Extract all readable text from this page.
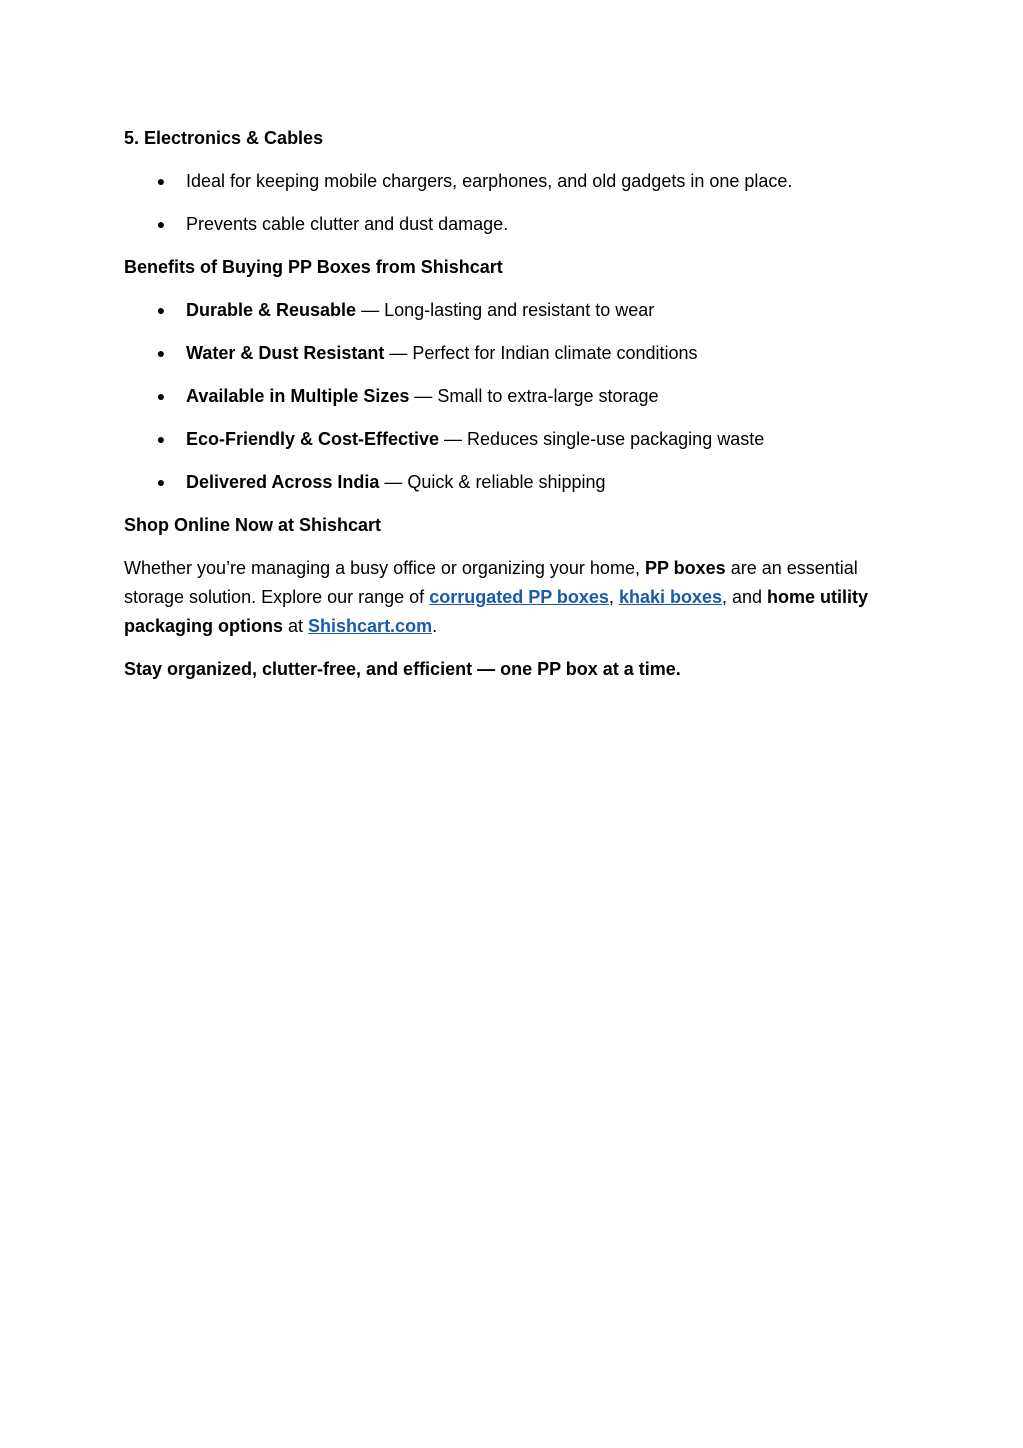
5. Electronics & Cables
● Ideal for keeping mobile chargers, earphones, and old gadgets in one place.
● Prevents cable clutter and dust damage.
Benefits of Buying PP Boxes from Shishcart
● Durable & Reusable — Long-lasting and resistant to wear
● Water & Dust Resistant — Perfect for Indian climate conditions
● Available in Multiple Sizes — Small to extra-large storage
● Eco-Friendly & Cost-Effective — Reduces single-use packaging waste
● Delivered Across India — Quick & reliable shipping
Shop Online Now at Shishcart

Whether you’re managing a busy office or organizing your home, PP boxes are an essential storage solution. Explore our range of corrugated PP boxes, khaki boxes, and home utility packaging options at Shishcart.com.

Stay organized, clutter-free, and efficient — one PP box at a time.
